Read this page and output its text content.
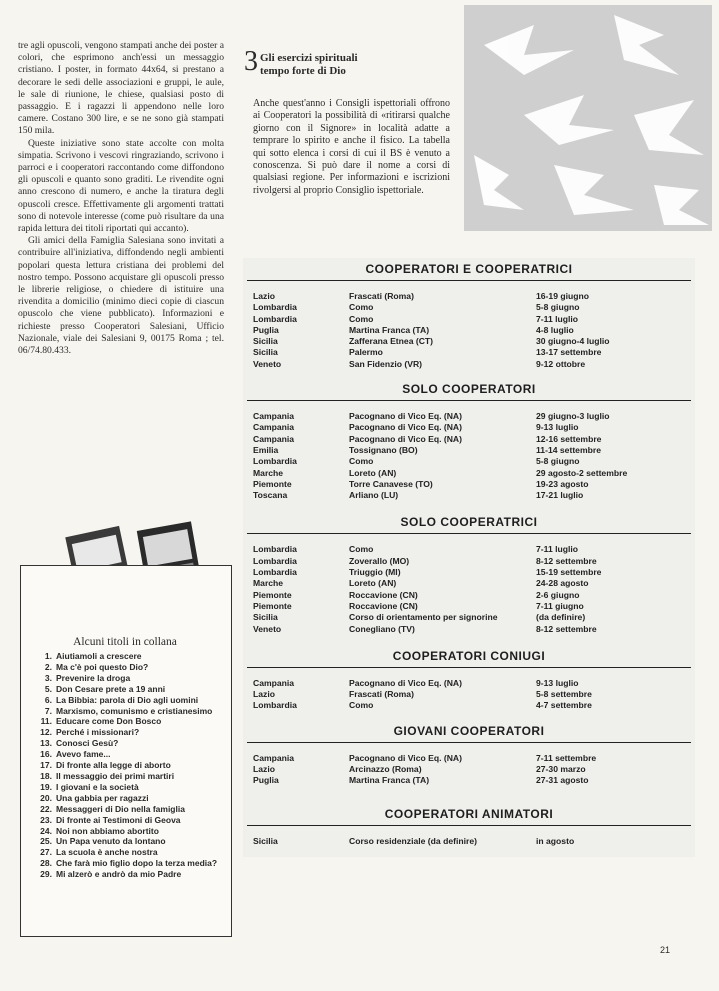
tre agli opuscoli, vengono stampati anche dei poster a colori, che esprimono anch'essi un messaggio cristiano. I poster, in formato 44x64, si prestano a decorare le sedi delle associazioni e gruppi, le aule, le sale di riunione, le chiese, qualsiasi posto di passaggio. E i ragazzi li appendono nelle loro camere. Costano 300 lire, e se ne sono già stampati 150 mila.

Queste iniziative sono state accolte con molta simpatia. Scrivono i vescovi ringraziando, scrivono i parroci e i cooperatori raccontando come diffondono gli opuscoli e quanto sono graditi. Le rivendite ogni anno crescono di numero, e anche la tiratura degli opuscoli cresce. Effettivamente gli argomenti trattati sono di notevole interesse (come può risultare da una rapida lettura dei titoli riportati qui accanto).

Gli amici della Famiglia Salesiana sono invitati a contribuire all'iniziativa, diffondendo negli ambienti popolari questa lettura cristiana dei problemi del nostro tempo. Possono acquistare gli opuscoli presso le librerie religiose, o chiedere di istituire una rivendita a domicilio (minimo dieci copie di ciascun opuscolo che viene pubblicato). Informazioni e richieste presso Cooperatori Salesiani, Ufficio Nazionale, viale dei Salesiani 9, 00175 Roma ; tel. 06/74.80.433.

3 Gli esercizi spirituali
tempo forte di Dio
Anche quest'anno i Consigli ispettoriali offrono ai Cooperatori la possibilità di «ritirarsi qualche giorno con il Signore» in località adatte a temprare lo spirito e anche il fisico. La tabella qui sotto elenca i corsi di cui il BS è venuto a conoscenza. Si può dare il nome a corsi di qualsiasi regione. Per informazioni e iscrizioni rivolgersi al proprio Consiglio ispettoriale.
COOPERATORI E COOPERATRICI
Lazio	Frascati (Roma)	16-19 giugno
Lombardia	Como	5-8 giugno
Lombardia	Como	7-11 luglio
Puglia	Martina Franca (TA)	4-8 luglio
Sicilia	Zafferana Etnea (CT)	30 giugno-4 luglio
Sicilia	Palermo	13-17 settembre
Veneto	San Fidenzio (VR)	9-12 ottobre
SOLO COOPERATORI
Campania	Pacognano di Vico Eq. (NA)	29 giugno-3 luglio
Campania	Pacognano di Vico Eq. (NA)	9-13 luglio
Campania	Pacognano di Vico Eq. (NA)	12-16 settembre
Emilia	Tossignano (BO)	11-14 settembre
Lombardia	Como	5-8 giugno
Marche	Loreto (AN)	29 agosto-2 settembre
Piemonte	Torre Canavese (TO)	19-23 agosto
Toscana	Arliano (LU)	17-21 luglio
SOLO COOPERATRICI
Lombardia	Como	7-11 luglio
Lombardia	Zoverallo (MO)	8-12 settembre
Lombardia	Triuggio (MI)	15-19 settembre
Marche	Loreto (AN)	24-28 agosto
Piemonte	Roccavione (CN)	2-6 giugno
Piemonte	Roccavione (CN)	7-11 giugno
Sicilia	Corso di orientamento per signorine	(da definire)
Veneto	Conegliano (TV)	8-12 settembre
COOPERATORI CONIUGI
Campania	Pacognano di Vico Eq. (NA)	9-13 luglio
Lazio	Frascati (Roma)	5-8 settembre
Lombardia	Como	4-7 settembre
GIOVANI COOPERATORI
Campania	Pacognano di Vico Eq. (NA)	7-11 settembre
Lazio	Arcinazzo (Roma)	27-30 marzo
Puglia	Martina Franca (TA)	27-31 agosto
COOPERATORI ANIMATORI
Sicilia	Corso residenziale (da definire)	in agosto
Alcuni titoli in collana
1. Aiutiamoli a crescere
2. Ma c'è poi questo Dio?
3. Prevenire la droga
5. Don Cesare prete a 19 anni
6. La Bibbia: parola di Dio agli uomini
7. Marxismo, comunismo e cristianesimo
11. Educare come Don Bosco
12. Perché i missionari?
13. Conosci Gesù?
16. Avevo fame...
17. Di fronte alla legge di aborto
18. Il messaggio dei primi martiri
19. I giovani e la società
20. Una gabbia per ragazzi
22. Messaggeri di Dio nella famiglia
23. Di fronte ai Testimoni di Geova
24. Noi non abbiamo abortito
25. Un Papa venuto da lontano
27. La scuola è anche nostra
28. Che farà mio figlio dopo la terza media?
29. Mi alzerò e andrò da mio Padre
21
